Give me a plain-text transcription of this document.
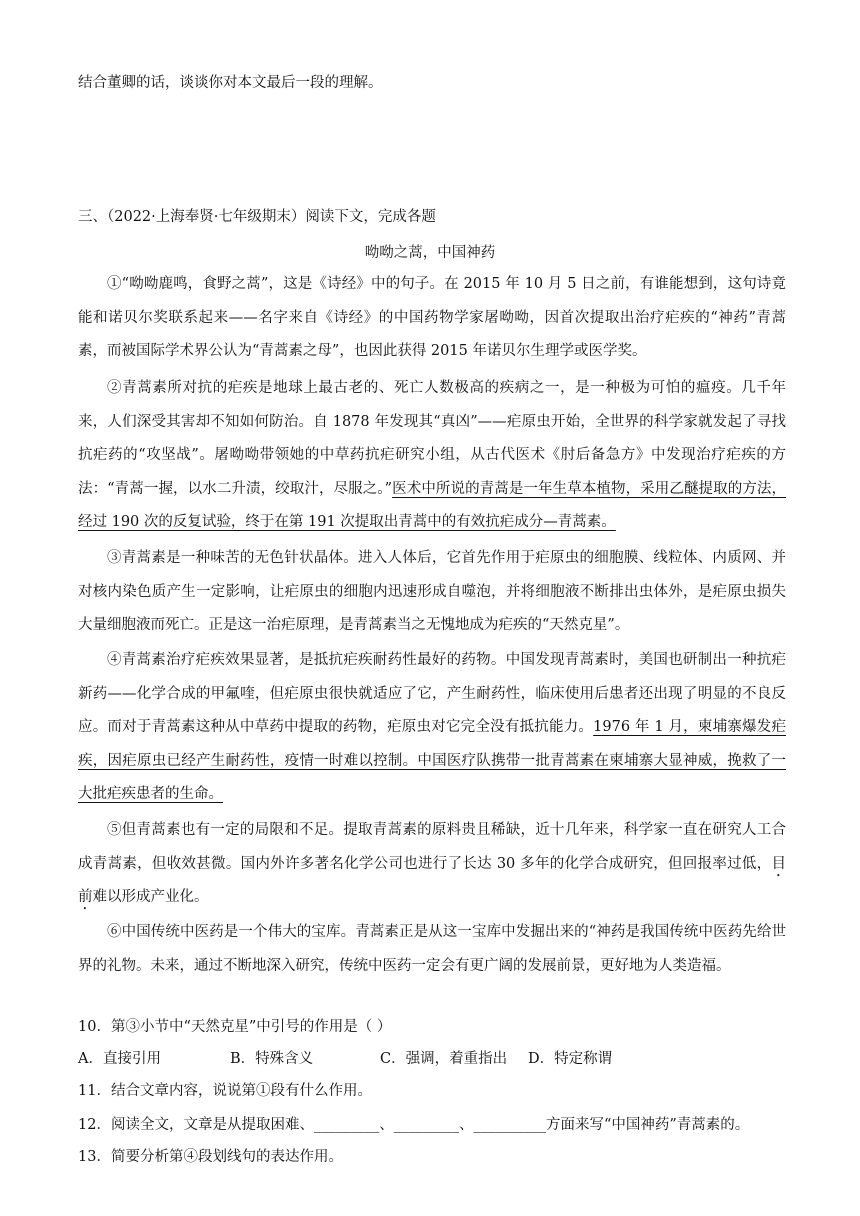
结合董卿的话，谈谈你对本文最后一段的理解。
三、（2022·上海奉贤·七年级期末）阅读下文，完成各题
呦呦之蒿，中国神药
①“呦呦鹿鸣，食野之蒿”，这是《诗经》中的句子。在 2015 年 10 月 5 日之前，有谁能想到，这句诗竟能和诺贝尔奖联系起来——名字来自《诗经》的中国药物学家屠呦呦，因首次提取出治疗疟疾的“神药”青蒿素，而被国际学术界公认为“青蒿素之母”，也因此获得 2015 年诺贝尔生理学或医学奖。
②青蒿素所对抗的疟疾是地球上最古老的、死亡人数极高的疾病之一，是一种极为可怕的瘟疫。几千年来，人们深受其害却不知如何防治。自 1878 年发现其“真凶”——疟原虫开始，全世界的科学家就发起了寻找抗疟药的“攻坚战”。屠呦呦带领她的中草药抗疟研究小组，从古代医术《肘后备急方》中发现治疗疟疾的方法：“青蒿一握，以水二升渍，绞取汁，尽服之。”医术中所说的青蒿是一年生草本植物，采用乙醚提取的方法，经过 190 次的反复试验，终于在第 191 次提取出青蒿中的有效抗疟成分—青蒿素。
③青蒿素是一种味苦的无色针状晶体。进入人体后，它首先作用于疟原虫的细胞膜、线粒体、内质网、并对核内染色质产生一定影响，让疟原虫的细胞内迅速形成自噬泡，并将细胞液不断排出虫体外，是疟原虫损失大量细胞液而死亡。正是这一治疟原理，是青蒿素当之无愧地成为疟疾的“天然克星”。
④青蒿素治疗疟疾效果显著，是抵抗疟疾耐药性最好的药物。中国发现青蒿素时，美国也研制出一种抗疟新药——化学合成的甲氟喹，但疟原虫很快就适应了它，产生耐药性，临床使用后患者还出现了明显的不良反应。而对于青蒿素这种从中草药中提取的药物，疟原虫对它完全没有抵抗能力。1976 年 1 月，柬埔寨爆发疟疾，因疟原虫已经产生耐药性，疫情一时难以控制。中国医疗队携带一批青蒿素在柬埔寨大显神威，挽救了一大批疟疾患者的生命。
⑤但青蒿素也有一定的局限和不足。提取青蒿素的原料贵且稀缺，近十几年来，科学家一直在研究人工合成青蒿素，但收效甚微。国内外许多著名化学公司也进行了长达 30 多年的化学合成研究，但回报率过低，目前难以形成产业化。
⑥中国传统中医药是一个伟大的宝库。青蒿素正是从这一宝库中发掘出来的“神药是我国传统中医药先给世界的礼物。未来，通过不断地深入研究，传统中医药一定会有更广阔的发展前景，更好地为人类造福。
10．第③小节中“天然克星”中引号的作用是（ ）
A．直接引用	B．特殊含义	C．强调，着重指出 D．特定称谓
11．结合文章内容，说说第①段有什么作用。
12．阅读全文，文章是从提取困难、_________、_________、__________方面来写“中国神药”青蒿素的。
13．简要分析第④段划线句的表达作用。
